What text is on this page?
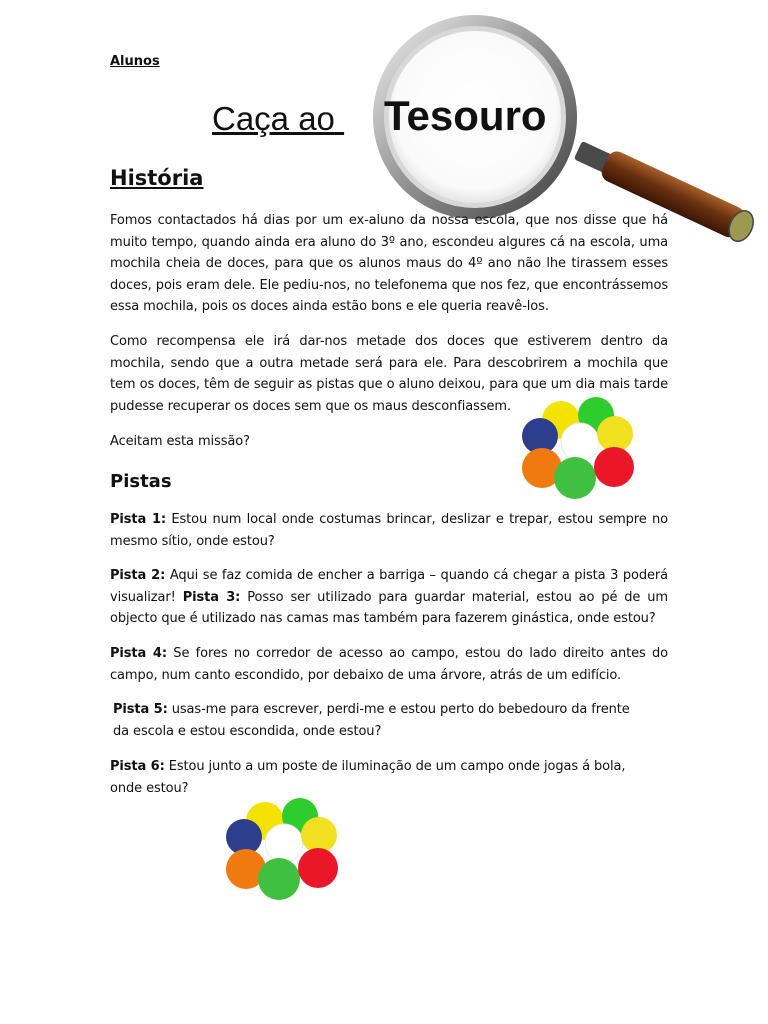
Alunos
Caça ao Tesouro
História
Fomos contactados há dias por um ex-aluno da nossa escola, que nos disse que há muito tempo, quando ainda era aluno do 3º ano, escondeu algures cá na escola, uma mochila cheia de doces, para que os alunos maus do 4º ano não lhe tirassem esses doces, pois eram dele. Ele pediu-nos, no telefonema que nos fez, que encontrássemos essa mochila, pois os doces ainda estão bons e ele queria reavê-los.
Como recompensa ele irá dar-nos metade dos doces que estiverem dentro da mochila, sendo que a outra metade será para ele. Para descobrirem a mochila que tem os doces, têm de seguir as pistas que o aluno deixou, para que um dia mais tarde pudesse recuperar os doces sem que os maus desconfiassem.
Aceitam esta missão?
Pistas
Pista 1: Estou num local onde costumas brincar, deslizar e trepar, estou sempre no mesmo sítio, onde estou?
Pista 2: Aqui se faz comida de encher a barriga – quando cá chegar a pista 3 poderá visualizar! Pista 3: Posso ser utilizado para guardar material, estou ao pé de um objecto que é utilizado nas camas mas também para fazerem ginástica, onde estou?
Pista 4: Se fores no corredor de acesso ao campo, estou do lado direito antes do campo, num canto escondido, por debaixo de uma árvore, atrás de um edifício.
Pista 5: usas-me para escrever, perdi-me e estou perto do bebedouro da frente da escola e estou escondida, onde estou?
Pista 6: Estou junto a um poste de iluminação de um campo onde jogas á bola, onde estou?
